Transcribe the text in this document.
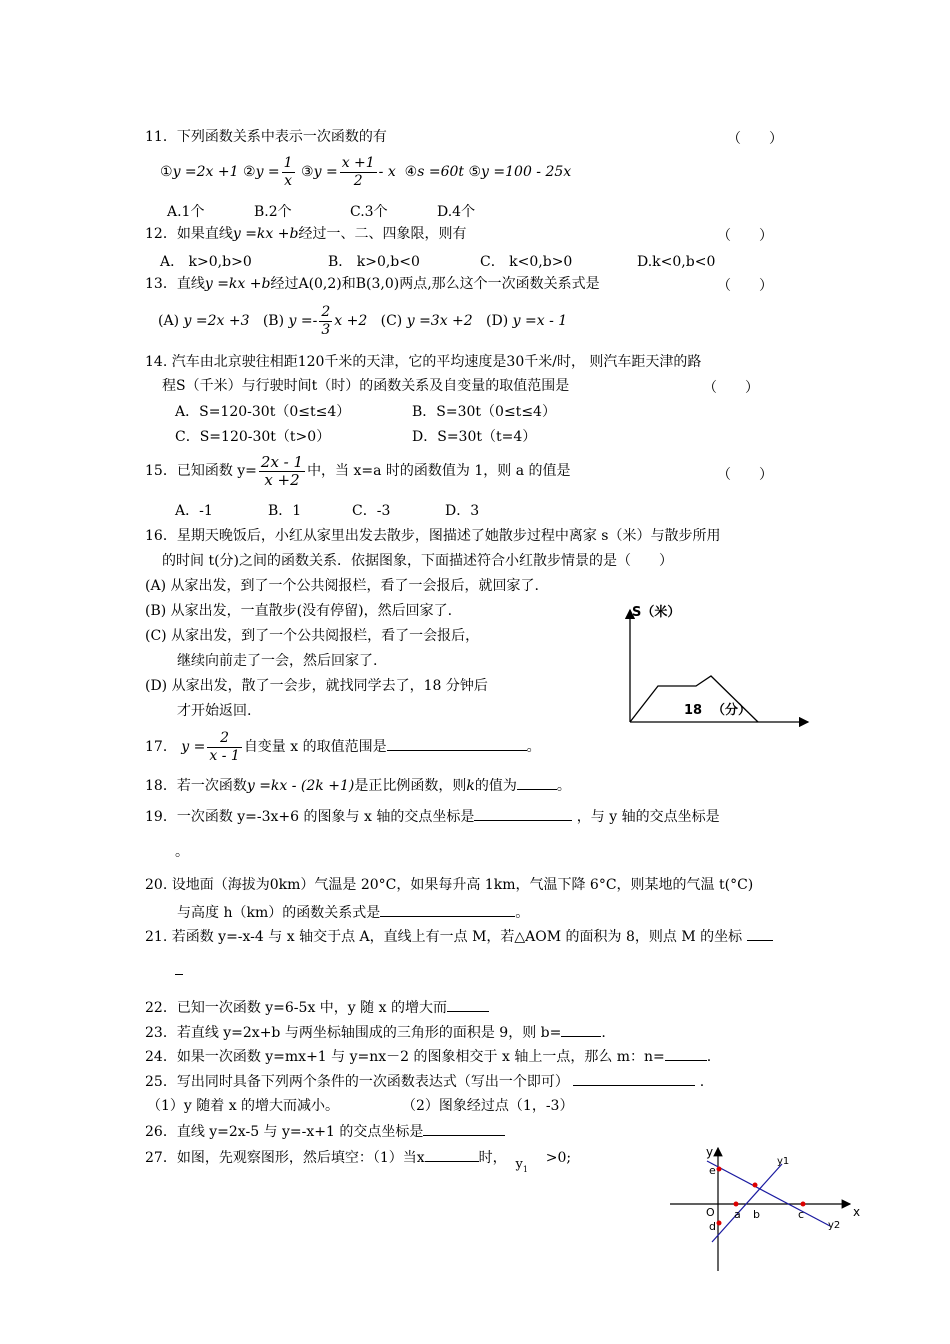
11．下列函数关系中表示一次函数的有	（　　）
①y =2x +1 ②y = $\frac{1}{x}$ ③y = $\frac{x +1}{2}$ - x ④s =60t ⑤y =100 - 25x
A.1个	B.2个	C.3个	D.4个
12．如果直线y =kx +b经过一、二、四象限，则有	（　　）
A． k>0,b>0	B． k>0,b<0	C． k<0,b>0	D.k<0,b<0
13．直线y =kx +b经过A(0,2)和B(3,0)两点,那么这个一次函数关系式是	（　　）
(A) y =2x +3 (B) $y =- \frac{2}{3}$ x +2 (C) y =3x +2 (D) y =x - 1
14. 汽车由北京驶往相距120千米的天津，它的平均速度是30千米/时， 则汽车距天津的路
程S（千米）与行驶时间t（时）的函数关系及自变量的取值范围是	（　　）
A．S=120-30t（0≤t≤4）	B．S=30t（0≤t≤4）
C．S=120-30t（t>0）	D．S=30t（t=4）
15．已知函数 $y= \frac{2x - 1}{x +2}$ 中，当 x=a 时的函数值为 1，则 a 的值是	（　　）
A．-1	B．1	C．-3	D．3
16．星期天晚饭后，小红从家里出发去散步，图描述了她散步过程中离家 s（米）与散步所用
的时间 t(分)之间的函数关系．依据图象，下面描述符合小红散步情景的是（　　）
(A) 从家出发，到了一个公共阅报栏，看了一会报后，就回家了.
(B) 从家出发，一直散步(没有停留)，然后回家了.
(C) 从家出发，到了一个公共阅报栏，看了一会报后，
继续向前走了一会，然后回家了.
(D) 从家出发，散了一会步，就找同学去了，18 分钟后
才开始返回.
S（米）
18 （分）
17． $y = \frac{2}{x - 1}$ 自变量 x 的取值范围是	。
18．若一次函数y =kx - (2k +1)是正比例函数，则k的值为	。
19．一次函数 y=-3x+6 的图象与 x 轴的交点坐标是	，与 y 轴的交点坐标是
。
20. 设地面（海拔为0km）气温是 20°C，如果每升高 1km，气温下降 6°C，则某地的气温 t(°C)
与高度 h（km）的函数关系式是	。
21. 若函数 y=-x-4 与 x 轴交于点 A，直线上有一点 M，若△AOM 的面积为 8，则点 M 的坐标
22．已知一次函数 y=6-5x 中，y 随 x 的增大而
23．若直线 y=2x+b 与两坐标轴围成的三角形的面积是 9，则 b=	.
24．如果一次函数 y=mx+1 与 y=nx－2 的图象相交于 x 轴上一点，那么 m：n=	.
25．写出同时具备下列两个条件的一次函数表达式（写出一个即可）	.
（1）y 随着 x 的增大而减小。	（2）图象经过点（1，-3）
26．直线 y=2x-5 与 y=-x+1 的交点坐标是
27．如图，先观察图形，然后填空：（1）当x	时， $y_1$    >0;	y
x
O
e
d
a b	c
y1
y2
